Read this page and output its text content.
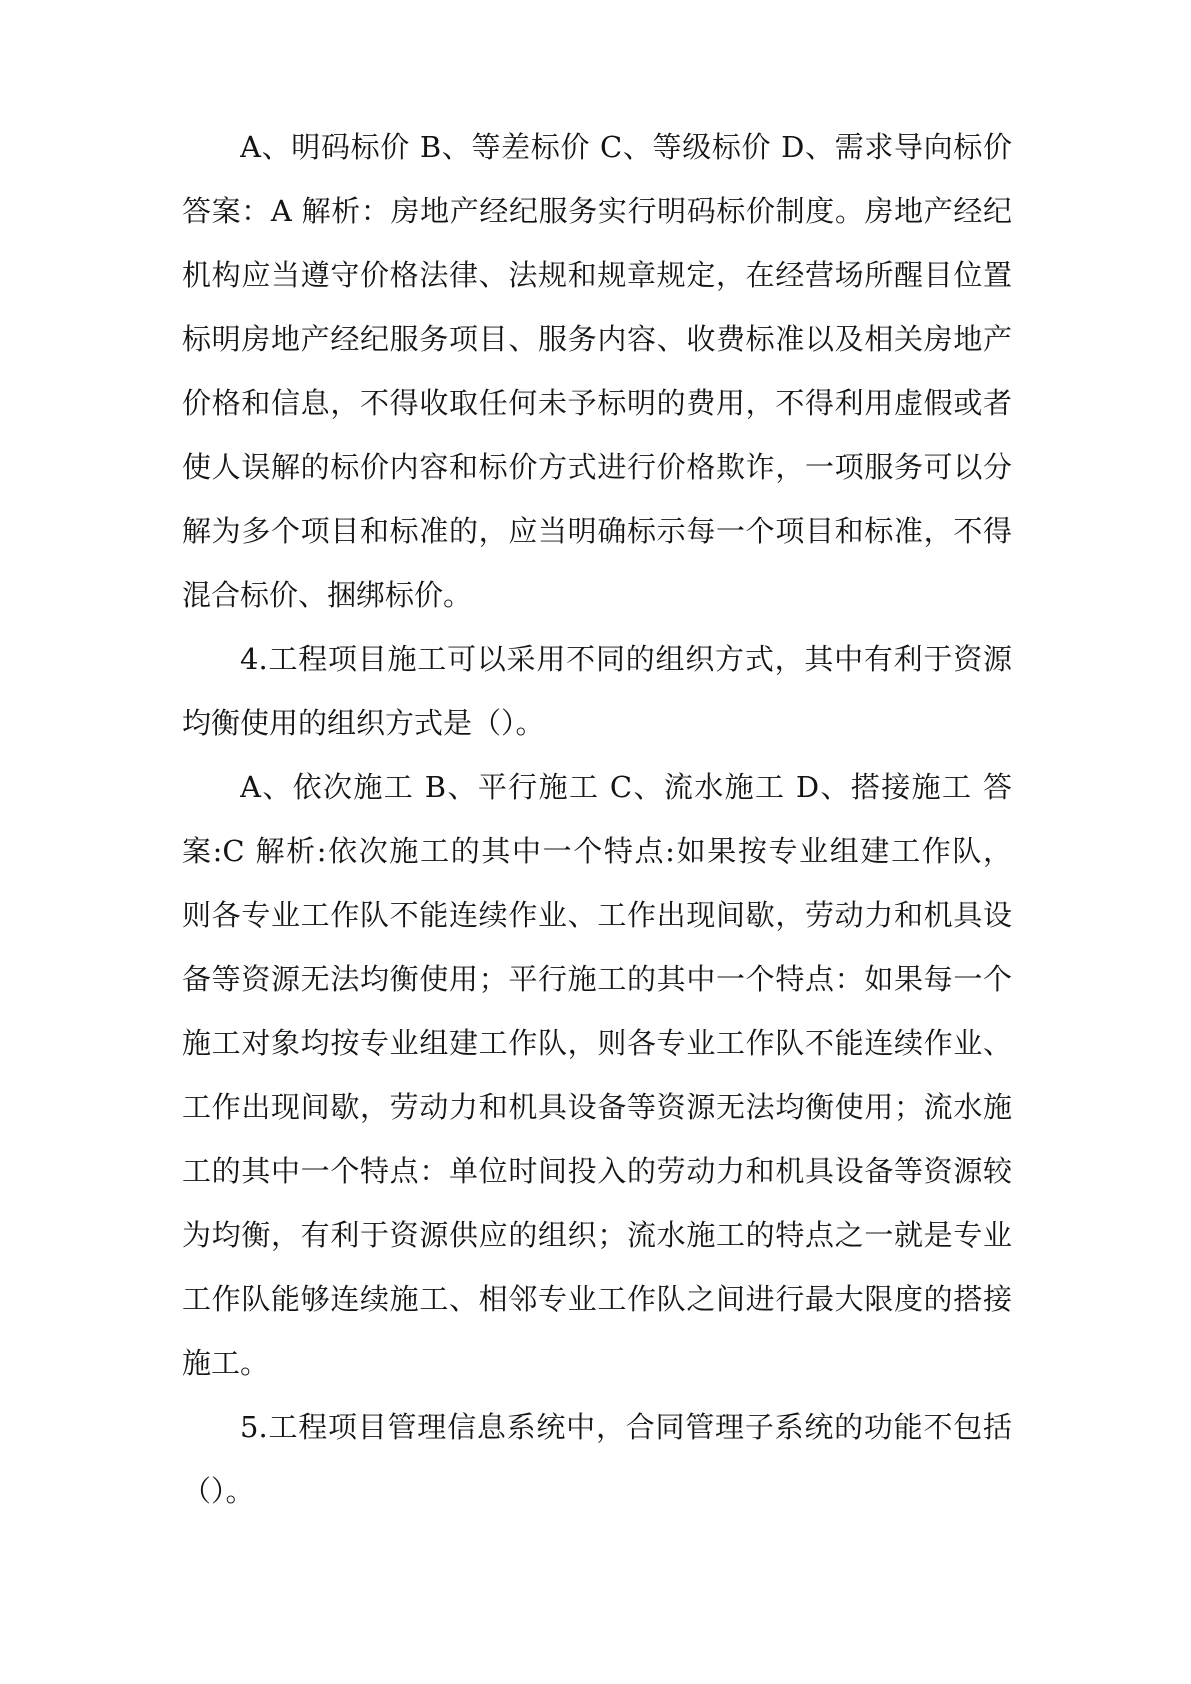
A、明码标价 B、等差标价 C、等级标价 D、需求导向标价
答案：A 解析：房地产经纪服务实行明码标价制度。房地产经纪
机构应当遵守价格法律、法规和规章规定，在经营场所醒目位置
标明房地产经纪服务项目、服务内容、收费标准以及相关房地产
价格和信息，不得收取任何未予标明的费用，不得利用虚假或者
使人误解的标价内容和标价方式进行价格欺诈，一项服务可以分
解为多个项目和标准的，应当明确标示每一个项目和标准，不得
混合标价、捆绑标价。
4.工程项目施工可以采用不同的组织方式，其中有利于资源
均衡使用的组织方式是（）。
A、依次施工 B、平行施工 C、流水施工 D、搭接施工 答
案:C 解析:依次施工的其中一个特点:如果按专业组建工作队，
则各专业工作队不能连续作业、工作出现间歇，劳动力和机具设
备等资源无法均衡使用；平行施工的其中一个特点：如果每一个
施工对象均按专业组建工作队，则各专业工作队不能连续作业、
工作出现间歇，劳动力和机具设备等资源无法均衡使用；流水施
工的其中一个特点：单位时间投入的劳动力和机具设备等资源较
为均衡，有利于资源供应的组织；流水施工的特点之一就是专业
工作队能够连续施工、相邻专业工作队之间进行最大限度的搭接
施工。
5.工程项目管理信息系统中，合同管理子系统的功能不包括
（）。
